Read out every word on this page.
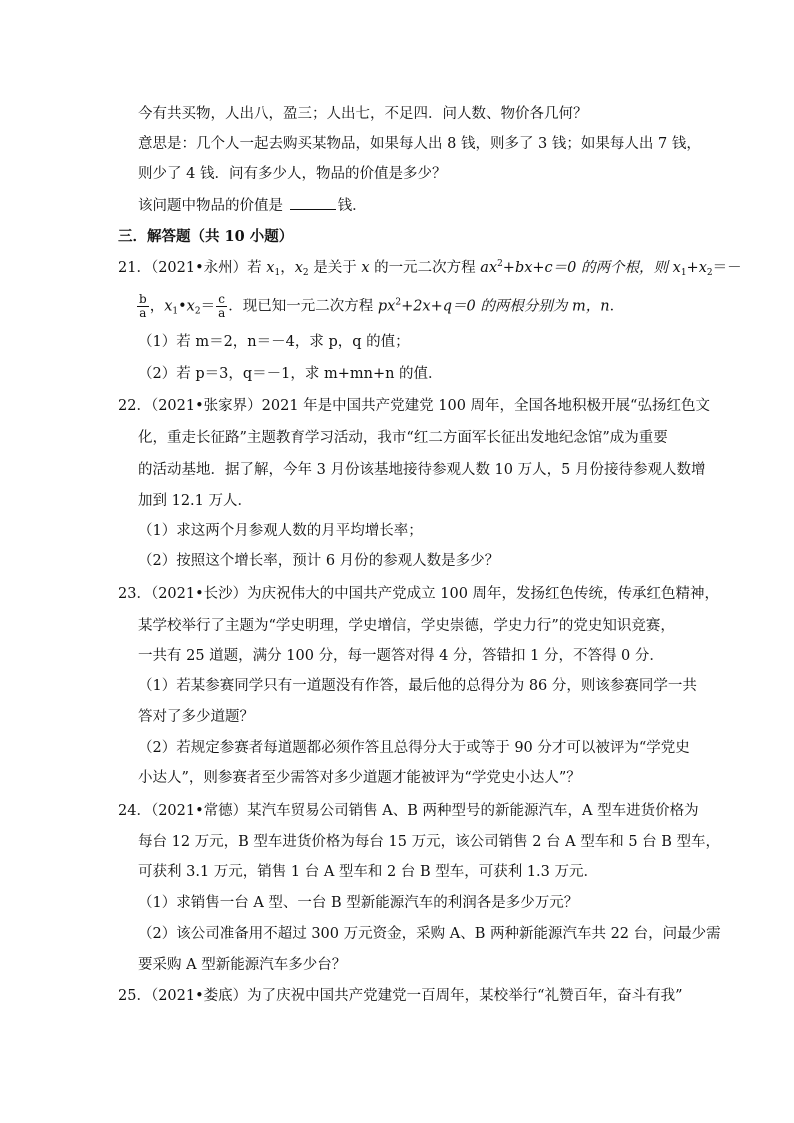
今有共买物，人出八，盈三；人出七，不足四．问人数、物价各几何？
意思是：几个人一起去购买某物品，如果每人出 8 钱，则多了 3 钱；如果每人出 7 钱，
则少了 4 钱．问有多少人，物品的价值是多少？
该问题中物品的价值是	钱．
三．解答题（共 10 小题）
21．（2021•永州）若 $x_1$，$x_2$ 是关于 x 的一元二次方程 $ax^2+bx+c=0$ 的两个根，则 $x_1+x_2=-$
$\frac{b}{a}$ ，$x_1•x_2= \frac{c}{a}$ ．现已知一元二次方程 $px^2+2x+q=0$ 的两根分别为 m，n．
（1）若 m＝2，n＝－4，求 p，q 的值；
（2）若 p＝3，q＝－1，求 m+mn+n 的值．
22．（2021•张家界）2021 年是中国共产党建党 100 周年，全国各地积极开展“弘扬红色文
化，重走长征路”主题教育学习活动，我市“红二方面军长征出发地纪念馆”成为重要
的活动基地．据了解，今年 3 月份该基地接待参观人数 10 万人，5 月份接待参观人数增
加到 12.1 万人．
（1）求这两个月参观人数的月平均增长率；
（2）按照这个增长率，预计 6 月份的参观人数是多少？
23．（2021•长沙）为庆祝伟大的中国共产党成立 100 周年，发扬红色传统，传承红色精神，
某学校举行了主题为“学史明理，学史增信，学史崇德，学史力行”的党史知识竞赛，
一共有 25 道题，满分 100 分，每一题答对得 4 分，答错扣 1 分，不答得 0 分．
（1）若某参赛同学只有一道题没有作答，最后他的总得分为 86 分，则该参赛同学一共
答对了多少道题？
（2）若规定参赛者每道题都必须作答且总得分大于或等于 90 分才可以被评为“学党史
小达人”，则参赛者至少需答对多少道题才能被评为“学党史小达人”？
24．（2021•常德）某汽车贸易公司销售 A、B 两种型号的新能源汽车，A 型车进货价格为
每台 12 万元，B 型车进货价格为每台 15 万元，该公司销售 2 台 A 型车和 5 台 B 型车，
可获利 3.1 万元，销售 1 台 A 型车和 2 台 B 型车，可获利 1.3 万元．
（1）求销售一台 A 型、一台 B 型新能源汽车的利润各是多少万元？
（2）该公司准备用不超过 300 万元资金，采购 A、B 两种新能源汽车共 22 台，问最少需
要采购 A 型新能源汽车多少台？
25．（2021•娄底）为了庆祝中国共产党建党一百周年，某校举行“礼赞百年，奋斗有我”
